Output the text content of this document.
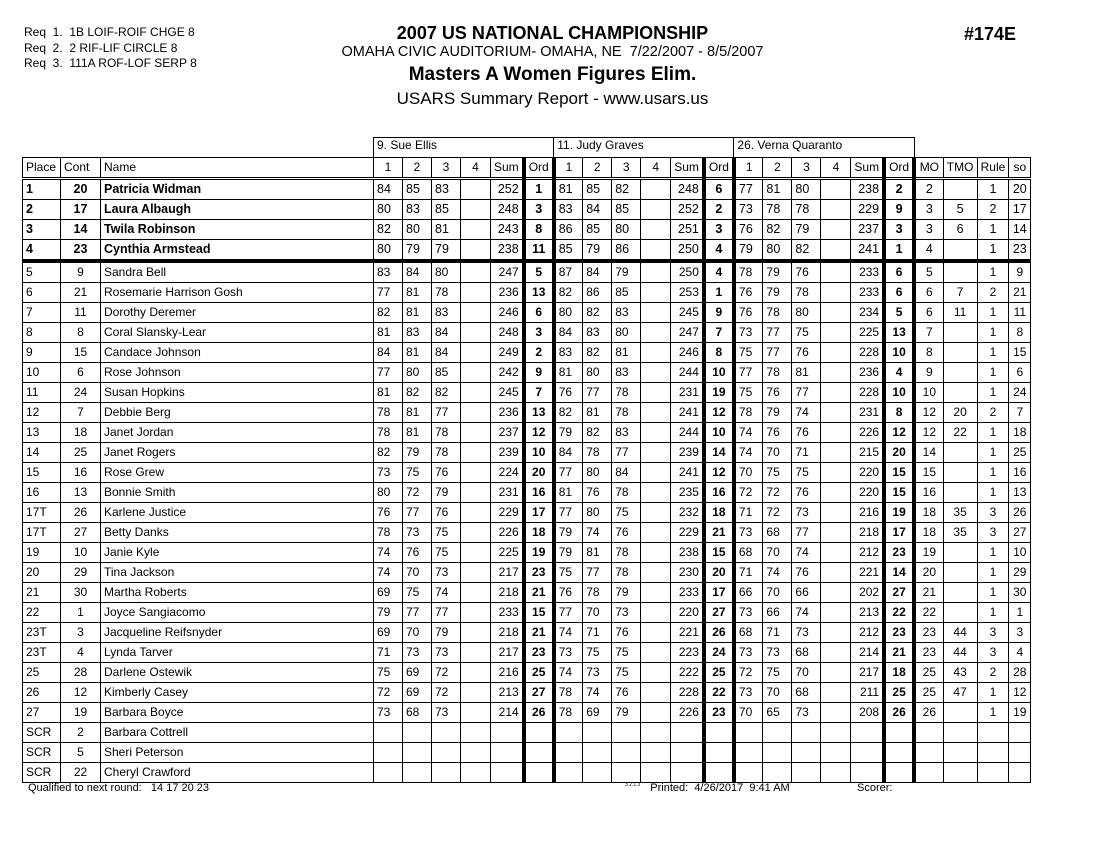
Req  1.  1B LOIF-ROIF CHGE 8
Req  2.  2 RIF-LIF CIRCLE 8
Req  3.  111A ROF-LOF SERP 8
2007 US NATIONAL CHAMPIONSHIP
OMAHA CIVIC AUDITORIUM- OMAHA, NE  7/22/2007 - 8/5/2007
Masters A Women Figures Elim.
USARS Summary Report - www.usars.us
#174E
			9. Sue Ellis						11. Judy Graves						26. Verna Quaranto									
Place	Cont	Name	1	2	3	4	Sum	Ord	1	2	3	4	Sum	Ord	1	2	3	4	Sum	Ord	MO	TMO	Rule	so
1	20	Patricia Widman	84	85	83		252	1	81	85	82		248	6	77	81	80		238	2	2		1	20
2	17	Laura Albaugh	80	83	85		248	3	83	84	85		252	2	73	78	78		229	9	3	5	2	17
3	14	Twila Robinson	82	80	81		243	8	86	85	80		251	3	76	82	79		237	3	3	6	1	14
4	23	Cynthia Armstead	80	79	79		238	11	85	79	86		250	4	79	80	82		241	1	4		1	23
5	9	Sandra Bell	83	84	80		247	5	87	84	79		250	4	78	79	76		233	6	5		1	9
6	21	Rosemarie Harrison Gosh	77	81	78		236	13	82	86	85		253	1	76	79	78		233	6	6	7	2	21
7	11	Dorothy Deremer	82	81	83		246	6	80	82	83		245	9	76	78	80		234	5	6	11	1	11
8	8	Coral Slansky-Lear	81	83	84		248	3	84	83	80		247	7	73	77	75		225	13	7		1	8
9	15	Candace Johnson	84	81	84		249	2	83	82	81		246	8	75	77	76		228	10	8		1	15
10	6	Rose Johnson	77	80	85		242	9	81	80	83		244	10	77	78	81		236	4	9		1	6
11	24	Susan Hopkins	81	82	82		245	7	76	77	78		231	19	75	76	77		228	10	10		1	24
12	7	Debbie Berg	78	81	77		236	13	82	81	78		241	12	78	79	74		231	8	12	20	2	7
13	18	Janet Jordan	78	81	78		237	12	79	82	83		244	10	74	76	76		226	12	12	22	1	18
14	25	Janet Rogers	82	79	78		239	10	84	78	77		239	14	74	70	71		215	20	14		1	25
15	16	Rose Grew	73	75	76		224	20	77	80	84		241	12	70	75	75		220	15	15		1	16
16	13	Bonnie Smith	80	72	79		231	16	81	76	78		235	16	72	72	76		220	15	16		1	13
17T	26	Karlene Justice	76	77	76		229	17	77	80	75		232	18	71	72	73		216	19	18	35	3	26
17T	27	Betty Danks	78	73	75		226	18	79	74	76		229	21	73	68	77		218	17	18	35	3	27
19	10	Janie Kyle	74	76	75		225	19	79	81	78		238	15	68	70	74		212	23	19		1	10
20	29	Tina Jackson	74	70	73		217	23	75	77	78		230	20	71	74	76		221	14	20		1	29
21	30	Martha Roberts	69	75	74		218	21	76	78	79		233	17	66	70	66		202	27	21		1	30
22	1	Joyce Sangiacomo	79	77	77		233	15	77	70	73		220	27	73	66	74		213	22	22		1	1
23T	3	Jacqueline Reifsnyder	69	70	79		218	21	74	71	76		221	26	68	71	73		212	23	23	44	3	3
23T	4	Lynda Tarver	71	73	73		217	23	73	75	75		223	24	73	73	68		214	21	23	44	3	4
25	28	Darlene Ostewik	75	69	72		216	25	74	73	75		222	25	72	75	70		217	18	25	43	2	28
26	12	Kimberly Casey	72	69	72		213	27	78	74	76		228	22	73	70	68		211	25	25	47	1	12
27	19	Barbara Boyce	73	68	73		214	26	78	69	79		226	23	70	65	73		208	26	26		1	19
SCR	2	Barbara Cottrell																						
SCR	5	Sheri Peterson																						
SCR	22	Cheryl Crawford																						
Qualified to next round:   14 17 20 23	$^{3.2.1.3}$ Printed:  4/26/2017  9:41 AM	Scorer:
